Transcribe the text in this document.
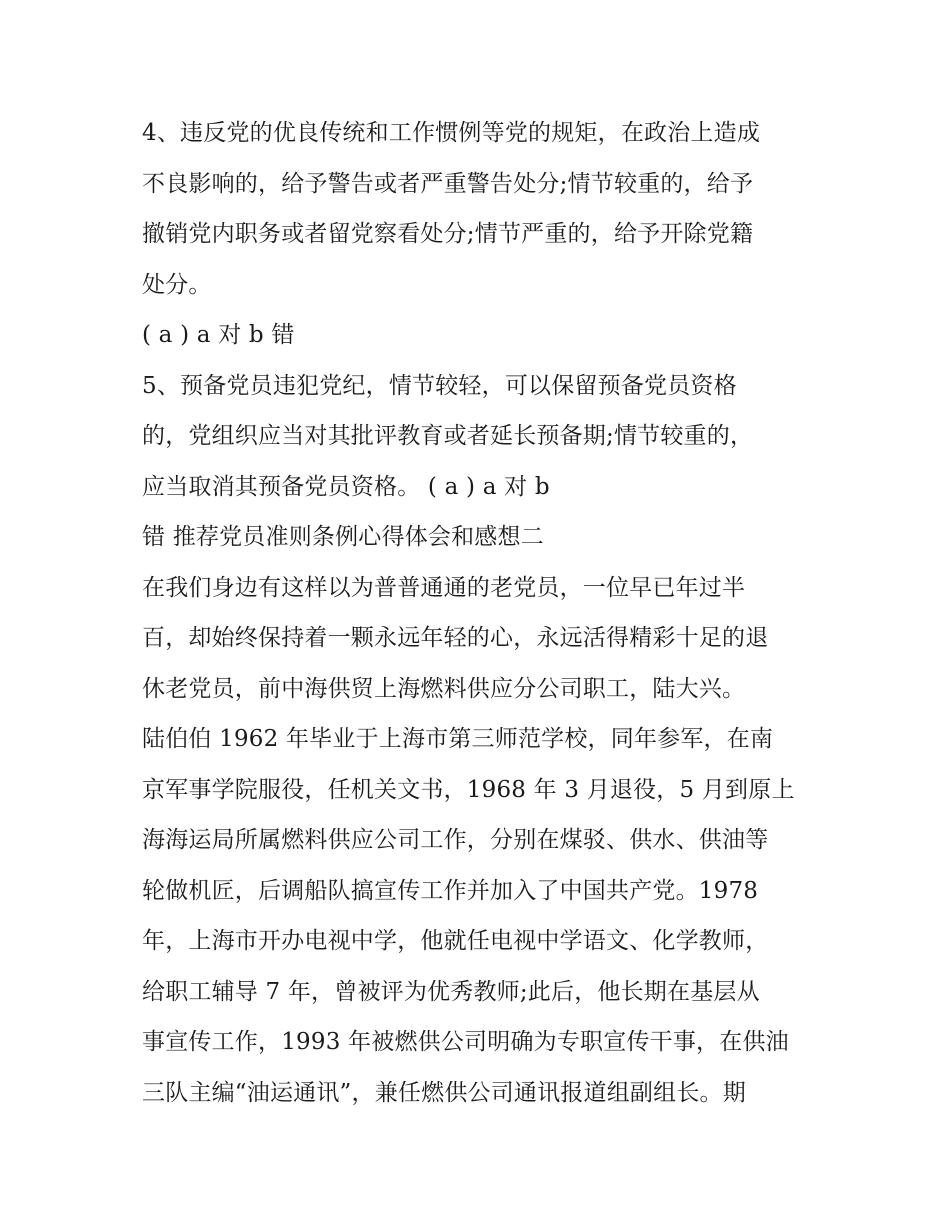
4、违反党的优良传统和工作惯例等党的规矩，在政治上造成
不良影响的，给予警告或者严重警告处分;情节较重的，给予
撤销党内职务或者留党察看处分;情节严重的，给予开除党籍
处分。
( a ) a 对 b 错
5、预备党员违犯党纪，情节较轻，可以保留预备党员资格
的，党组织应当对其批评教育或者延长预备期;情节较重的，
应当取消其预备党员资格。 ( a ) a 对 b
错 推荐党员准则条例心得体会和感想二
在我们身边有这样以为普普通通的老党员，一位早已年过半
百，却始终保持着一颗永远年轻的心，永远活得精彩十足的退
休老党员，前中海供贸上海燃料供应分公司职工，陆大兴。
陆伯伯 1962 年毕业于上海市第三师范学校，同年参军，在南
京军事学院服役，任机关文书，1968 年 3 月退役，5 月到原上
海海运局所属燃料供应公司工作，分别在煤驳、供水、供油等
轮做机匠，后调船队搞宣传工作并加入了中国共产党。1978
年，上海市开办电视中学，他就任电视中学语文、化学教师，
给职工辅导 7 年，曾被评为优秀教师;此后，他长期在基层从
事宣传工作，1993 年被燃供公司明确为专职宣传干事，在供油
三队主编“油运通讯”，兼任燃供公司通讯报道组副组长。期
